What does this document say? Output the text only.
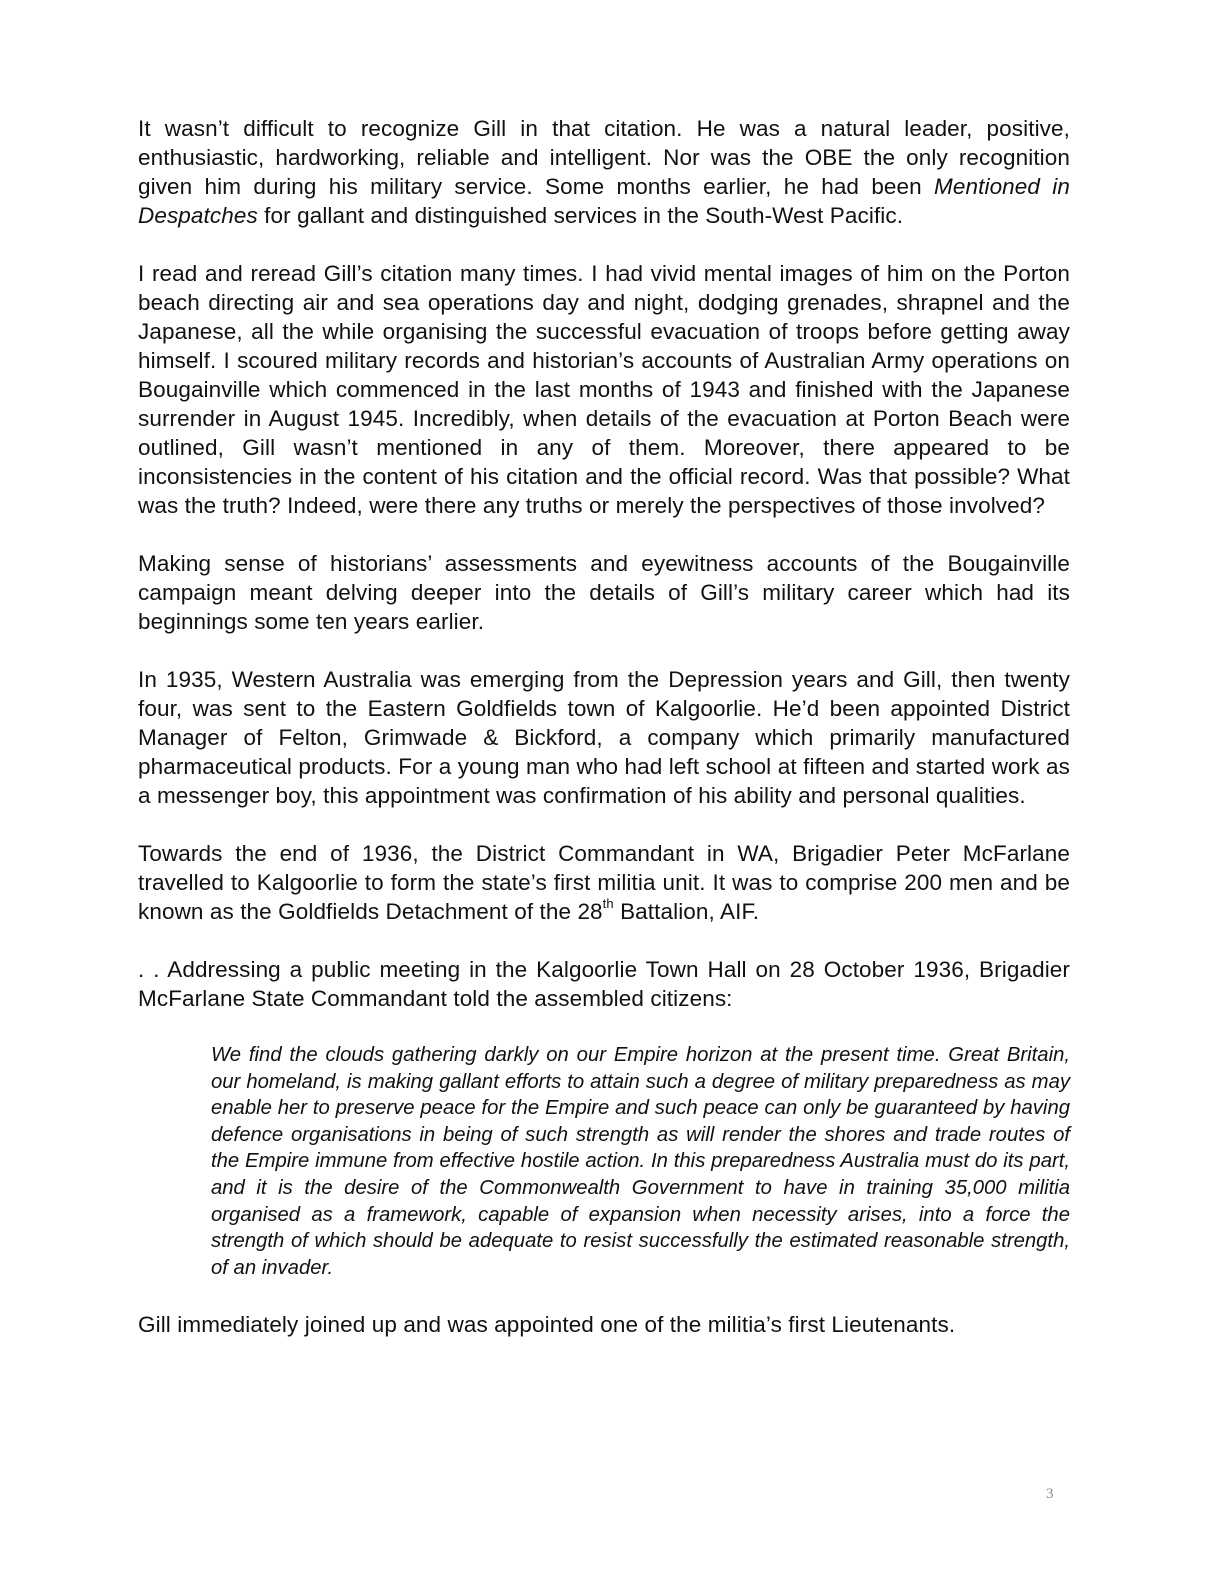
It wasn’t difficult to recognize Gill in that citation. He was a natural leader, positive, enthusiastic, hardworking, reliable and intelligent. Nor was the OBE the only recognition given him during his military service. Some months earlier, he had been Mentioned in Despatches for gallant and distinguished services in the South-West Pacific.

I read and reread Gill’s citation many times. I had vivid mental images of him on the Porton beach directing air and sea operations day and night, dodging grenades, shrapnel and the Japanese, all the while organising the successful evacuation of troops before getting away himself. I scoured military records and historian’s accounts of Australian Army operations on Bougainville which commenced in the last months of 1943 and finished with the Japanese surrender in August 1945. Incredibly, when details of the evacuation at Porton Beach were outlined, Gill wasn’t mentioned in any of them. Moreover, there appeared to be inconsistencies in the content of his citation and the official record. Was that possible? What was the truth? Indeed, were there any truths or merely the perspectives of those involved?

Making sense of historians’ assessments and eyewitness accounts of the Bougainville campaign meant delving deeper into the details of Gill’s military career which had its beginnings some ten years earlier.

In 1935, Western Australia was emerging from the Depression years and Gill, then twenty four, was sent to the Eastern Goldfields town of Kalgoorlie. He’d been appointed District Manager of Felton, Grimwade & Bickford, a company which primarily manufactured pharmaceutical products. For a young man who had left school at fifteen and started work as a messenger boy, this appointment was confirmation of his ability and personal qualities.

Towards the end of 1936, the District Commandant in WA, Brigadier Peter McFarlane travelled to Kalgoorlie to form the state’s first militia unit. It was to comprise 200 men and be known as the Goldfields Detachment of the 28th Battalion, AIF.

. . Addressing a public meeting in the Kalgoorlie Town Hall on 28 October 1936, Brigadier McFarlane State Commandant told the assembled citizens:

We find the clouds gathering darkly on our Empire horizon at the present time. Great Britain, our homeland, is making gallant efforts to attain such a degree of military preparedness as may enable her to preserve peace for the Empire and such peace can only be guaranteed by having defence organisations in being of such strength as will render the shores and trade routes of the Empire immune from effective hostile action. In this preparedness Australia must do its part, and it is the desire of the Commonwealth Government to have in training 35,000 militia organised as a framework, capable of expansion when necessity arises, into a force the strength of which should be adequate to resist successfully the estimated reasonable strength, of an invader.

Gill immediately joined up and was appointed one of the militia’s first Lieutenants.

3
